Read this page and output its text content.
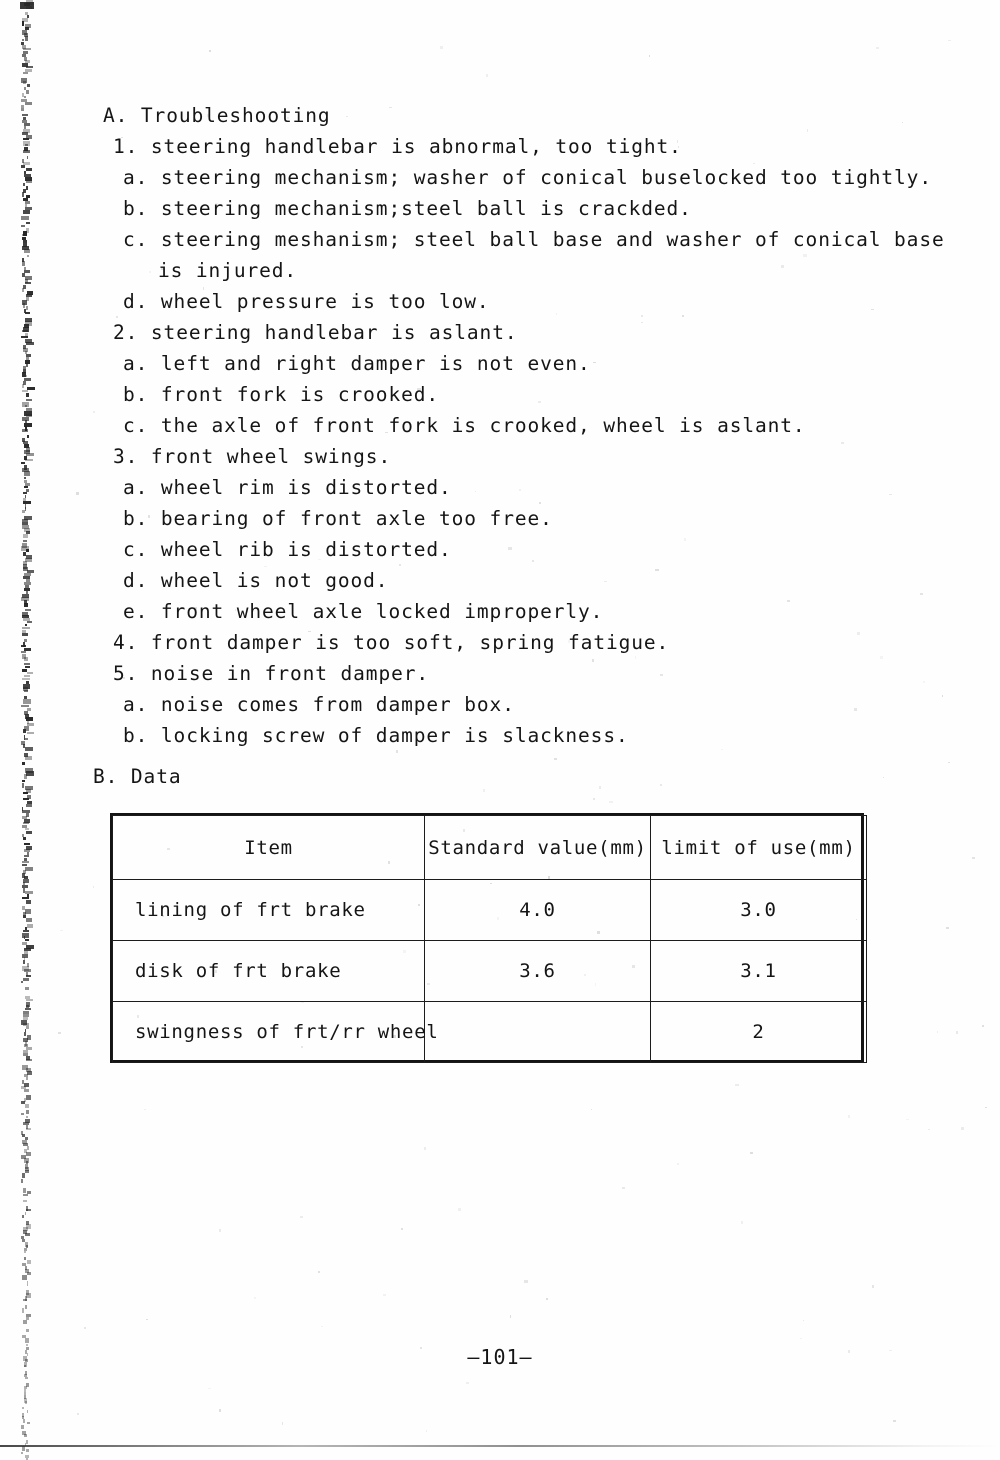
A. Troubleshooting
1. steering handlebar is abnormal, too tight.
a. steering mechanism; washer of conical buselocked too tightly.
b. steering mechanism;steel ball is crackded.
c. steering meshanism; steel ball base and washer of conical base
is injured.
d. wheel pressure is too low.
2. steering handlebar is aslant.
a. left and right damper is not even.
b. front fork is crooked.
c. the axle of front fork is crooked, wheel is aslant.
3. front wheel swings.
a. wheel rim is distorted.
b. bearing of front axle too free.
c. wheel rib is distorted.
d. wheel is not good.
e. front wheel axle locked improperly.
4. front damper is too soft, spring fatigue.
5. noise in front damper.
a. noise comes from damper box.
b. locking screw of damper is slackness.
B. Data
Item	Standard value(mm)	limit of use(mm)
lining of frt brake	4.0	3.0
disk of frt brake	3.6	3.1
swingness of frt/rr wheel		2
—101—
